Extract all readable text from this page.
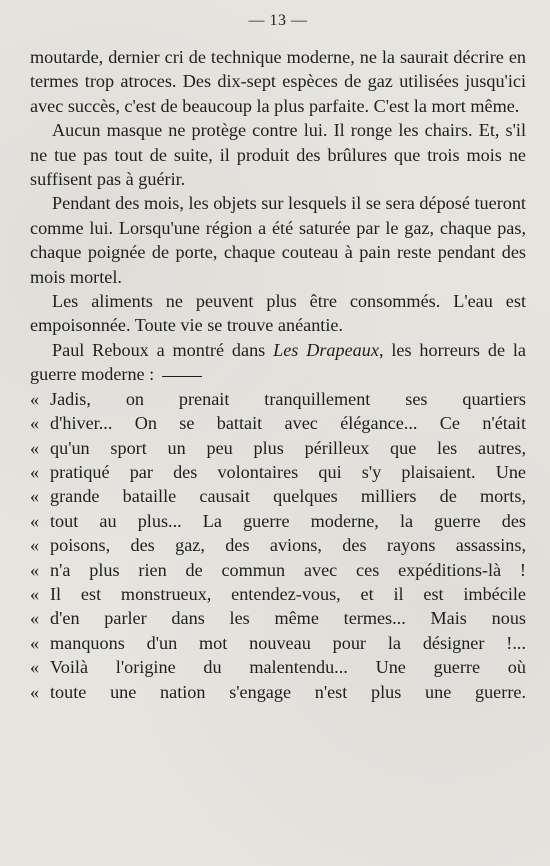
— 13 —

moutarde, dernier cri de technique moderne, ne la saurait décrire en termes trop atroces. Des dix-sept espèces de gaz utilisées jusqu'ici avec succès, c'est de beaucoup la plus parfaite. C'est la mort même.

Aucun masque ne protège contre lui. Il ronge les chairs. Et, s'il ne tue pas tout de suite, il produit des brûlures que trois mois ne suffisent pas à guérir.

Pendant des mois, les objets sur lesquels il se sera déposé tueront comme lui. Lorsqu'une région a été saturée par le gaz, chaque pas, chaque poignée de porte, chaque couteau à pain reste pendant des mois mortel.

Les aliments ne peuvent plus être consommés. L'eau est empoisonnée. Toute vie se trouve anéantie.

Paul Reboux a montré dans Les Drapeaux, les horreurs de la guerre moderne :

« Jadis, on prenait tranquillement ses quartiers

« d'hiver... On se battait avec élégance... Ce n'était

« qu'un sport un peu plus périlleux que les autres,

« pratiqué par des volontaires qui s'y plaisaient. Une

« grande bataille causait quelques milliers de morts,

« tout au plus... La guerre moderne, la guerre des

« poisons, des gaz, des avions, des rayons assassins,

« n'a plus rien de commun avec ces expéditions-là !

« Il est monstrueux, entendez-vous, et il est imbécile

« d'en parler dans les même termes... Mais nous

« manquons d'un mot nouveau pour la désigner !...

« Voilà l'origine du malentendu... Une guerre où

« toute une nation s'engage n'est plus une guerre.
